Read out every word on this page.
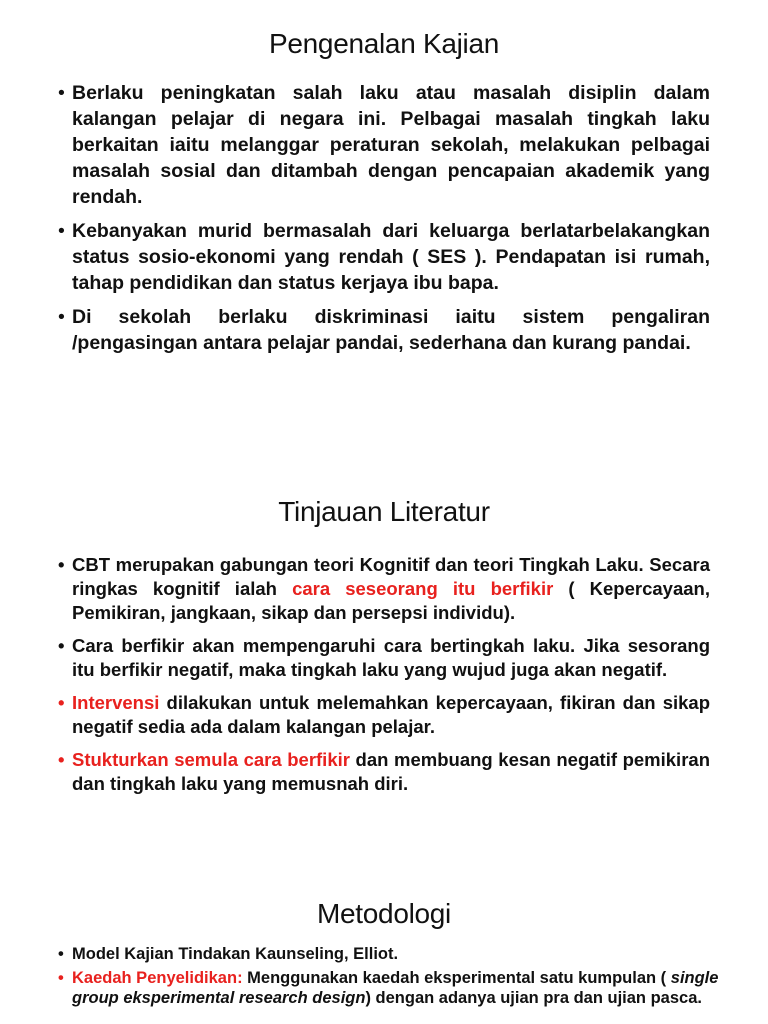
Pengenalan Kajian
• Berlaku peningkatan salah laku atau masalah disiplin dalam kalangan pelajar di negara ini. Pelbagai masalah tingkah laku berkaitan iaitu melanggar peraturan sekolah, melakukan pelbagai masalah sosial dan ditambah dengan pencapaian akademik yang rendah.
• Kebanyakan murid bermasalah dari keluarga berlatarbelakangkan status sosio-ekonomi yang rendah ( SES ). Pendapatan isi rumah, tahap pendidikan dan status kerjaya ibu bapa.
• Di sekolah berlaku diskriminasi iaitu sistem pengaliran /pengasingan antara pelajar pandai, sederhana dan kurang pandai.
Tinjauan Literatur
• CBT merupakan gabungan teori Kognitif dan teori Tingkah Laku. Secara ringkas kognitif ialah cara seseorang itu berfikir ( Kepercayaan, Pemikiran, jangkaan, sikap dan persepsi individu).
• Cara berfikir akan mempengaruhi cara bertingkah laku. Jika sesorang itu berfikir negatif, maka tingkah laku yang wujud juga akan negatif.
• Intervensi dilakukan untuk melemahkan kepercayaan, fikiran dan sikap negatif sedia ada dalam kalangan pelajar.
• Stukturkan semula cara berfikir dan membuang kesan negatif pemikiran dan tingkah laku yang memusnah diri.
Metodologi
• Model Kajian Tindakan Kaunseling, Elliot.
• Kaedah Penyelidikan: Menggunakan kaedah eksperimental satu kumpulan ( single group eksperimental research design) dengan adanya ujian pra dan ujian pasca.
